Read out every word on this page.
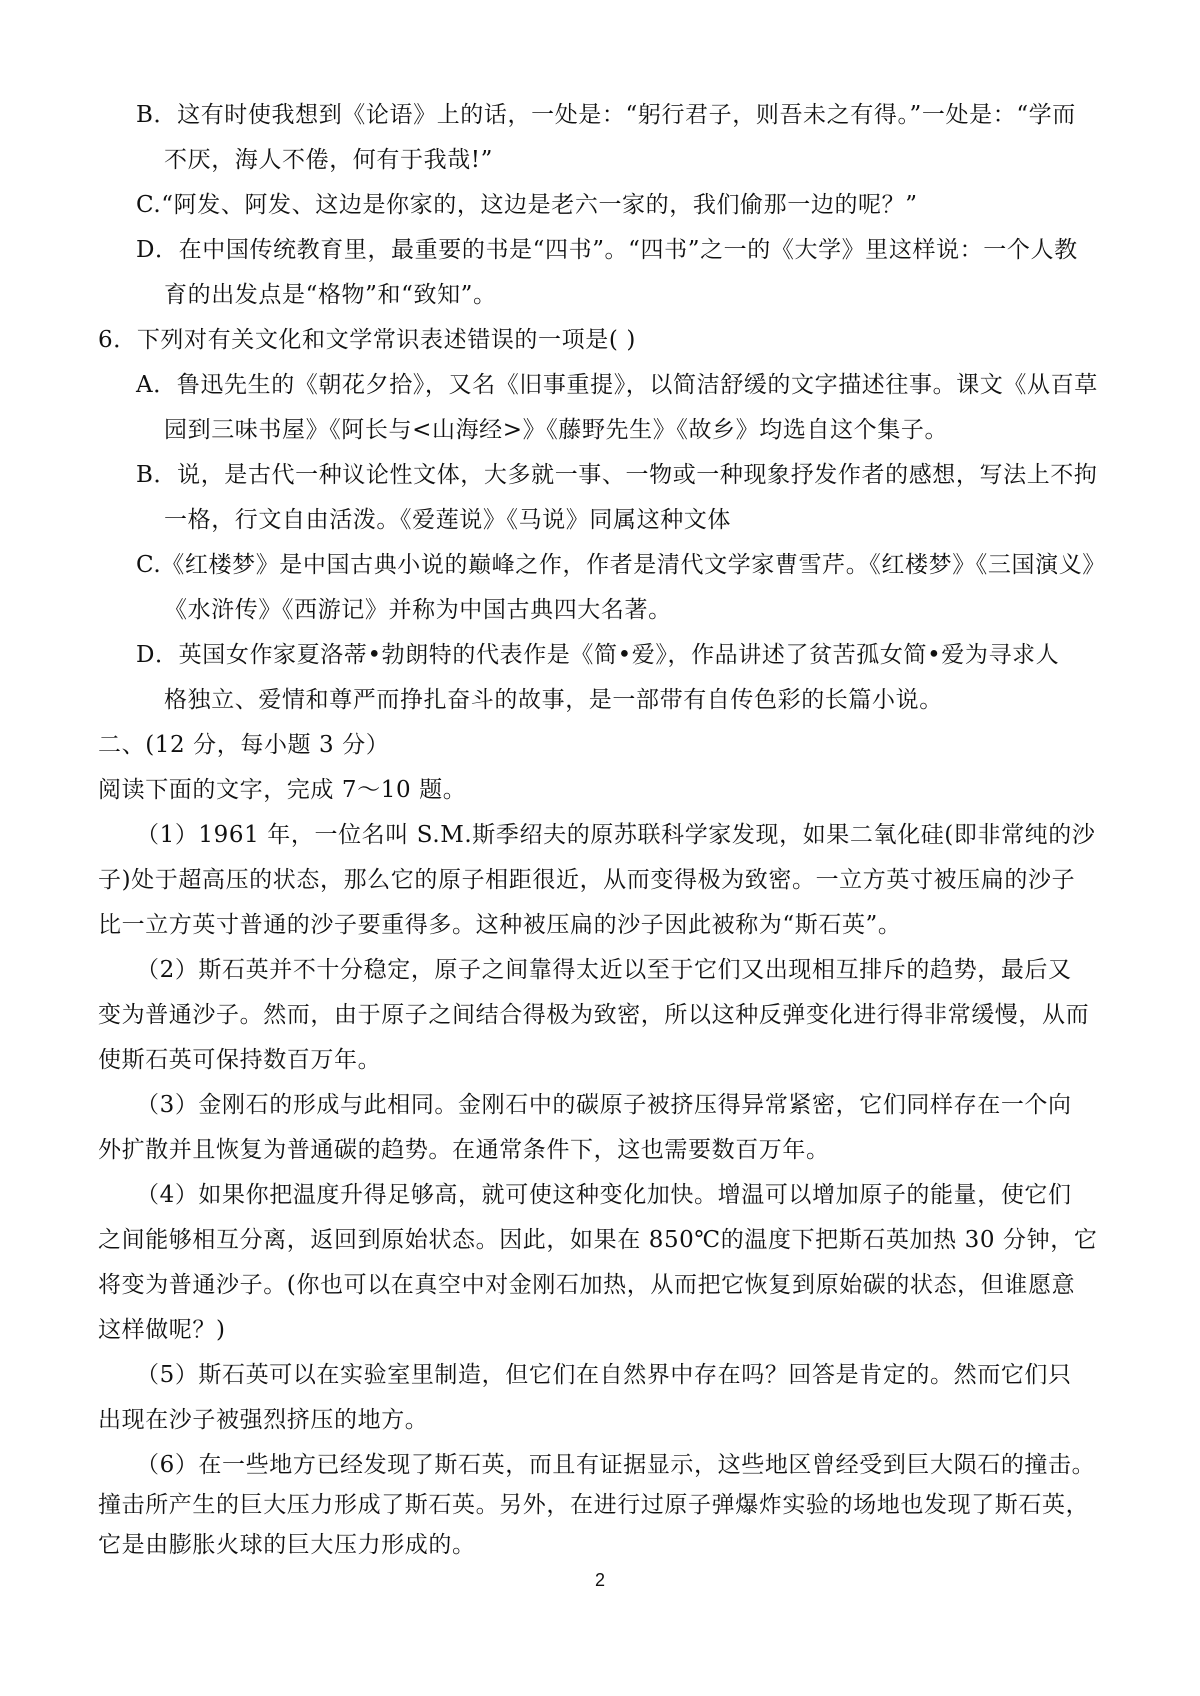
B．这有时使我想到《论语》上的话，一处是：“躬行君子，则吾未之有得。”一处是：“学而
不厌，海人不倦，何有于我哉!”
C.“阿发、阿发、这边是你家的，这边是老六一家的，我们偷那一边的呢？”
D．在中国传统教育里，最重要的书是“四书”。“四书”之一的《大学》里这样说：一个人教
育的出发点是“格物”和“致知”。
6．下列对有关文化和文学常识表述错误的一项是( )
A．鲁迅先生的《朝花夕拾》，又名《旧事重提》，以简洁舒缓的文字描述往事。课文《从百草
园到三味书屋》《阿长与<山海经>》《藤野先生》《故乡》均选自这个集子。
B．说，是古代一种议论性文体，大多就一事、一物或一种现象抒发作者的感想，写法上不拘
一格，行文自由活泼。《爱莲说》《马说》同属这种文体
C.《红楼梦》是中国古典小说的巅峰之作，作者是清代文学家曹雪芹。《红楼梦》《三国演义》
《水浒传》《西游记》并称为中国古典四大名著。
D．英国女作家夏洛蒂•勃朗特的代表作是《简•爱》，作品讲述了贫苦孤女简•爱为寻求人
格独立、爱情和尊严而挣扎奋斗的故事，是一部带有自传色彩的长篇小说。
二、(12 分，每小题 3 分）
阅读下面的文字，完成 7～10 题。
（1）1961 年，一位名叫 S.M.斯季绍夫的原苏联科学家发现，如果二氧化硅(即非常纯的沙
子)处于超高压的状态，那么它的原子相距很近，从而变得极为致密。一立方英寸被压扁的沙子
比一立方英寸普通的沙子要重得多。这种被压扁的沙子因此被称为“斯石英”。
（2）斯石英并不十分稳定，原子之间靠得太近以至于它们又出现相互排斥的趋势，最后又
变为普通沙子。然而，由于原子之间结合得极为致密，所以这种反弹变化进行得非常缓慢，从而
使斯石英可保持数百万年。
（3）金刚石的形成与此相同。金刚石中的碳原子被挤压得异常紧密，它们同样存在一个向
外扩散并且恢复为普通碳的趋势。在通常条件下，这也需要数百万年。
（4）如果你把温度升得足够高，就可使这种变化加快。增温可以增加原子的能量，使它们
之间能够相互分离，返回到原始状态。因此，如果在 850℃的温度下把斯石英加热 30 分钟，它
将变为普通沙子。(你也可以在真空中对金刚石加热，从而把它恢复到原始碳的状态，但谁愿意
这样做呢？)
（5）斯石英可以在实验室里制造，但它们在自然界中存在吗？回答是肯定的。然而它们只
出现在沙子被强烈挤压的地方。
（6）在一些地方已经发现了斯石英，而且有证据显示，这些地区曾经受到巨大陨石的撞击。
撞击所产生的巨大压力形成了斯石英。另外，在进行过原子弹爆炸实验的场地也发现了斯石英，
它是由膨胀火球的巨大压力形成的。
2
